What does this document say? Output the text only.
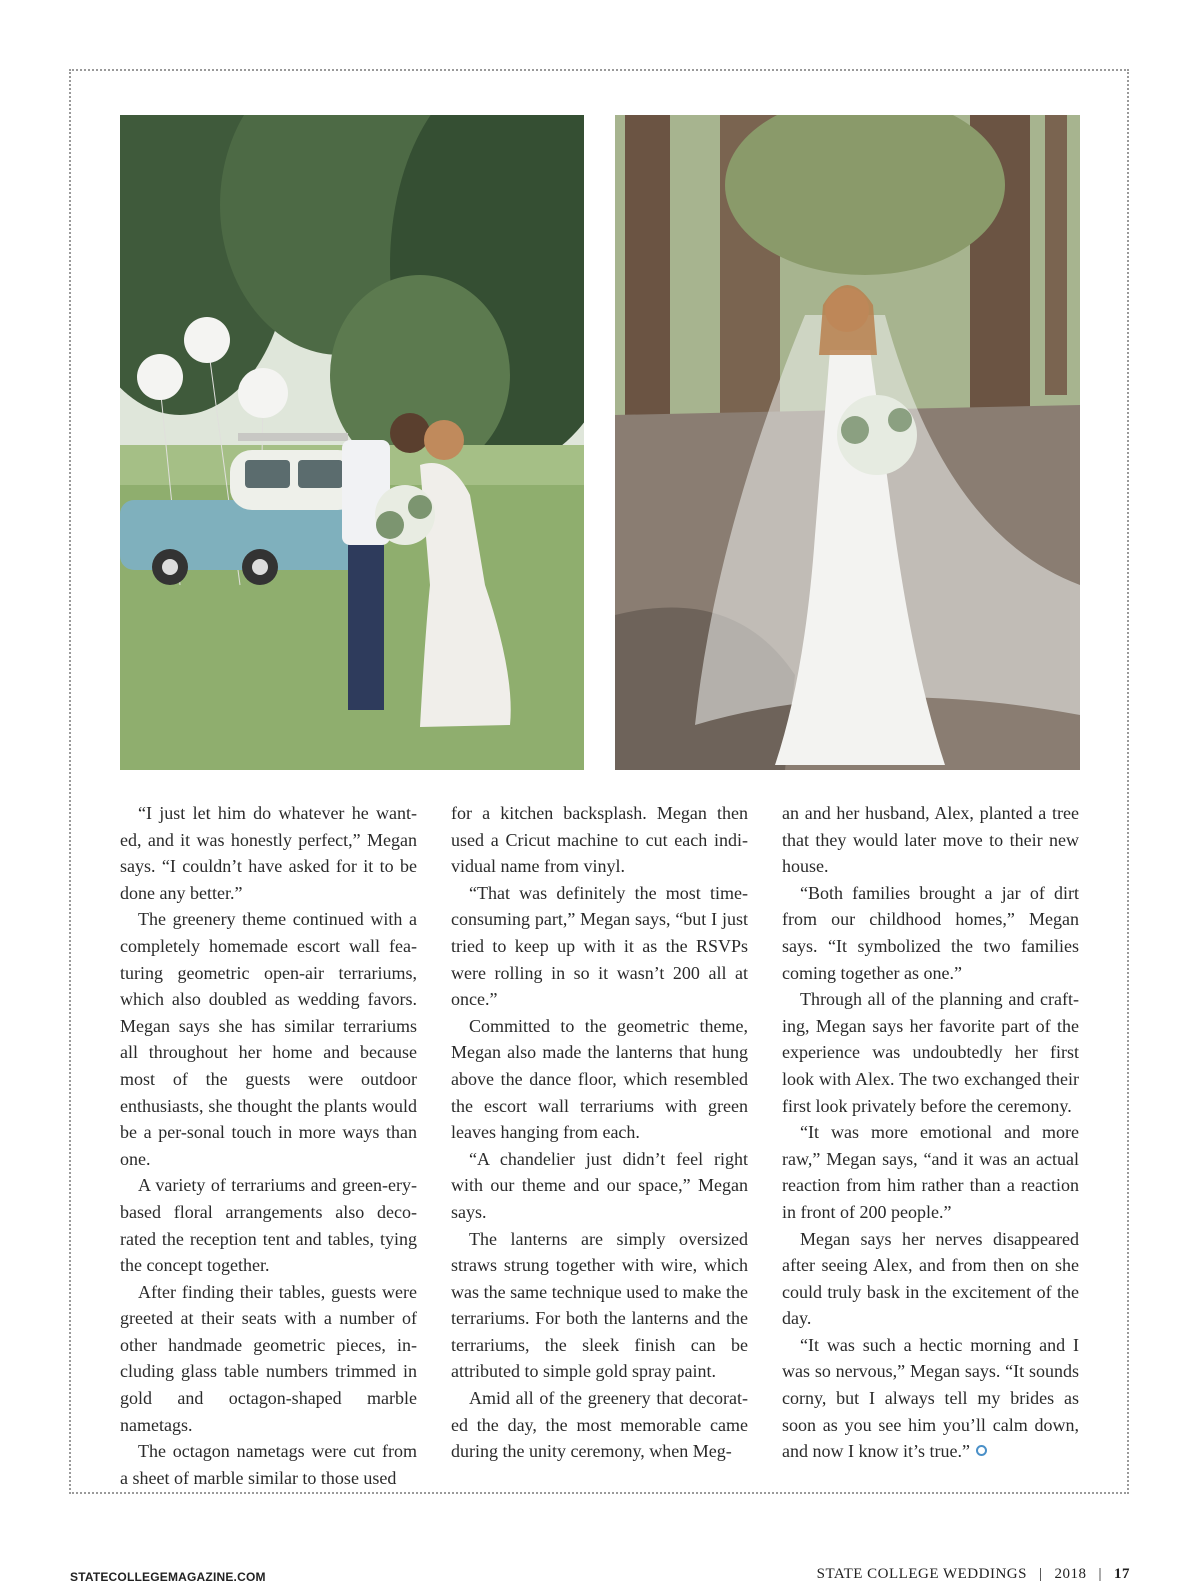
“I just let him do whatever he want-ed, and it was honestly perfect,” Megan says. “I couldn’t have asked for it to be done any better.”

The greenery theme continued with a completely homemade escort wall fea-turing geometric open-air terrariums, which also doubled as wedding favors. Megan says she has similar terrariums all throughout her home and because most of the guests were outdoor enthusiasts, she thought the plants would be a per-sonal touch in more ways than one.

A variety of terrariums and green-ery-based floral arrangements also deco-rated the reception tent and tables, tying the concept together.

After finding their tables, guests were greeted at their seats with a number of other handmade geometric pieces, in-cluding glass table numbers trimmed in gold and octagon-shaped marble nametags.

The octagon nametags were cut from a sheet of marble similar to those used

for a kitchen backsplash. Megan then used a Cricut machine to cut each indi-vidual name from vinyl.

“That was definitely the most time-consuming part,” Megan says, “but I just tried to keep up with it as the RSVPs were rolling in so it wasn’t 200 all at once.”

Committed to the geometric theme, Megan also made the lanterns that hung above the dance floor, which resembled the escort wall terrariums with green leaves hanging from each.

“A chandelier just didn’t feel right with our theme and our space,” Megan says.

The lanterns are simply oversized straws strung together with wire, which was the same technique used to make the terrariums. For both the lanterns and the terrariums, the sleek finish can be attributed to simple gold spray paint.

Amid all of the greenery that decorat-ed the day, the most memorable came during the unity ceremony, when Meg-

an and her husband, Alex, planted a tree that they would later move to their new house.

“Both families brought a jar of dirt from our childhood homes,” Megan says. “It symbolized the two families coming together as one.”

Through all of the planning and craft-ing, Megan says her favorite part of the experience was undoubtedly her first look with Alex. The two exchanged their first look privately before the ceremony.

“It was more emotional and more raw,” Megan says, “and it was an actual reaction from him rather than a reaction in front of 200 people.”

Megan says her nerves disappeared after seeing Alex, and from then on she could truly bask in the excitement of the day.

“It was such a hectic morning and I was so nervous,” Megan says. “It sounds corny, but I always tell my brides as soon as you see him you’ll calm down, and now I know it’s true.”

STATECOLLEGEMAGAZINE.COM	STATE COLLEGE WEDDINGS | 2018 | 17
